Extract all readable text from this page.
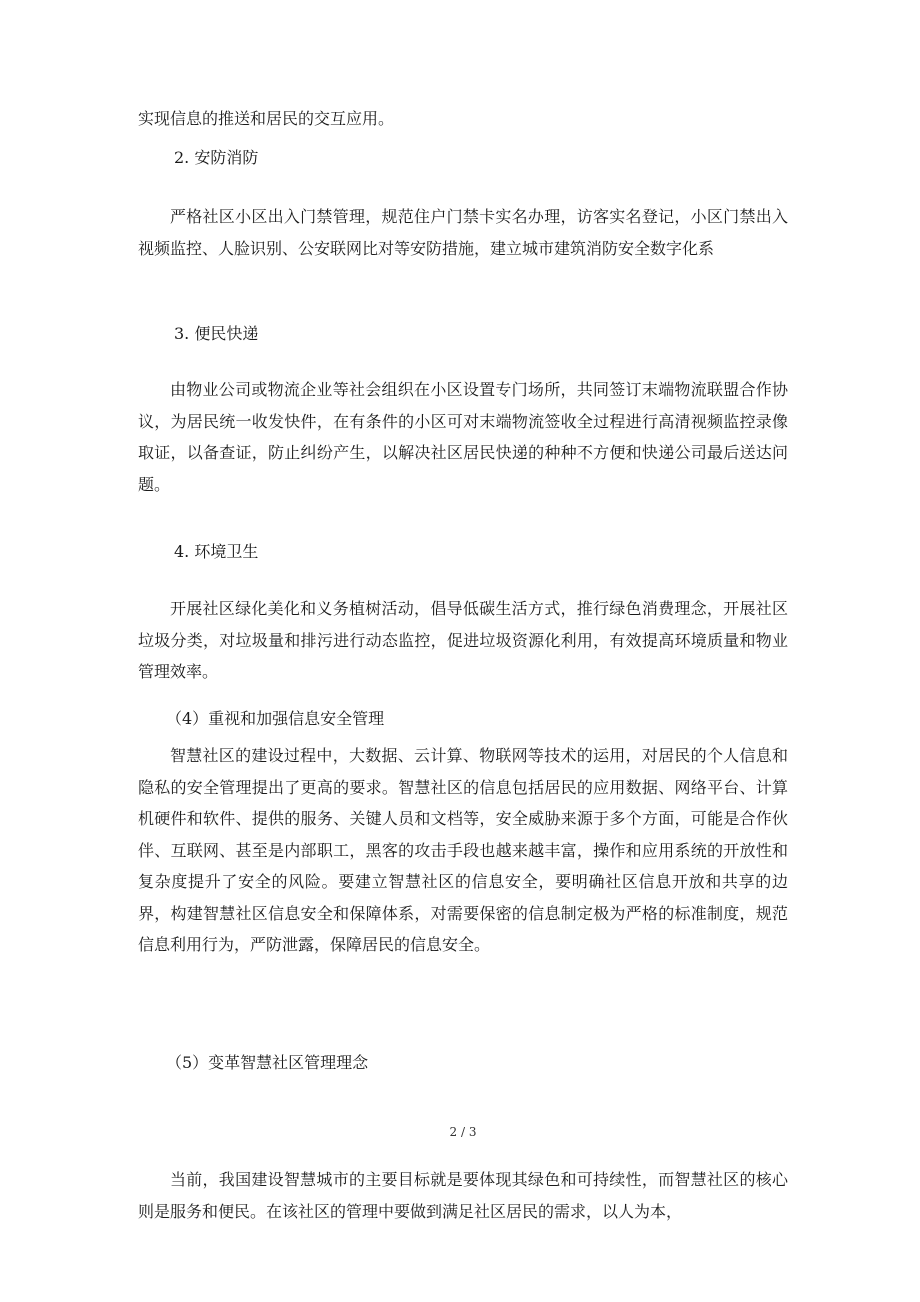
实现信息的推送和居民的交互应用。

2. 安防消防

严格社区小区出入门禁管理，规范住户门禁卡实名办理，访客实名登记，小区门禁出入视频监控、人脸识别、公安联网比对等安防措施，建立城市建筑消防安全数字化系

3. 便民快递

由物业公司或物流企业等社会组织在小区设置专门场所，共同签订末端物流联盟合作协议，为居民统一收发快件，在有条件的小区可对末端物流签收全过程进行高清视频监控录像取证，以备查证，防止纠纷产生，以解决社区居民快递的种种不方便和快递公司最后送达问题。

4. 环境卫生

开展社区绿化美化和义务植树活动，倡导低碳生活方式，推行绿色消费理念，开展社区垃圾分类，对垃圾量和排污进行动态监控，促进垃圾资源化利用，有效提高环境质量和物业管理效率。

（4）重视和加强信息安全管理

智慧社区的建设过程中，大数据、云计算、物联网等技术的运用，对居民的个人信息和隐私的安全管理提出了更高的要求。智慧社区的信息包括居民的应用数据、网络平台、计算机硬件和软件、提供的服务、关键人员和文档等，安全威胁来源于多个方面，可能是合作伙伴、互联网、甚至是内部职工，黑客的攻击手段也越来越丰富，操作和应用系统的开放性和复杂度提升了安全的风险。要建立智慧社区的信息安全，要明确社区信息开放和共享的边界，构建智慧社区信息安全和保障体系，对需要保密的信息制定极为严格的标准制度，规范信息利用行为，严防泄露，保障居民的信息安全。

（5）变革智慧社区管理理念

2 / 3

当前，我国建设智慧城市的主要目标就是要体现其绿色和可持续性，而智慧社区的核心则是服务和便民。在该社区的管理中要做到满足社区居民的需求，以人为本，
